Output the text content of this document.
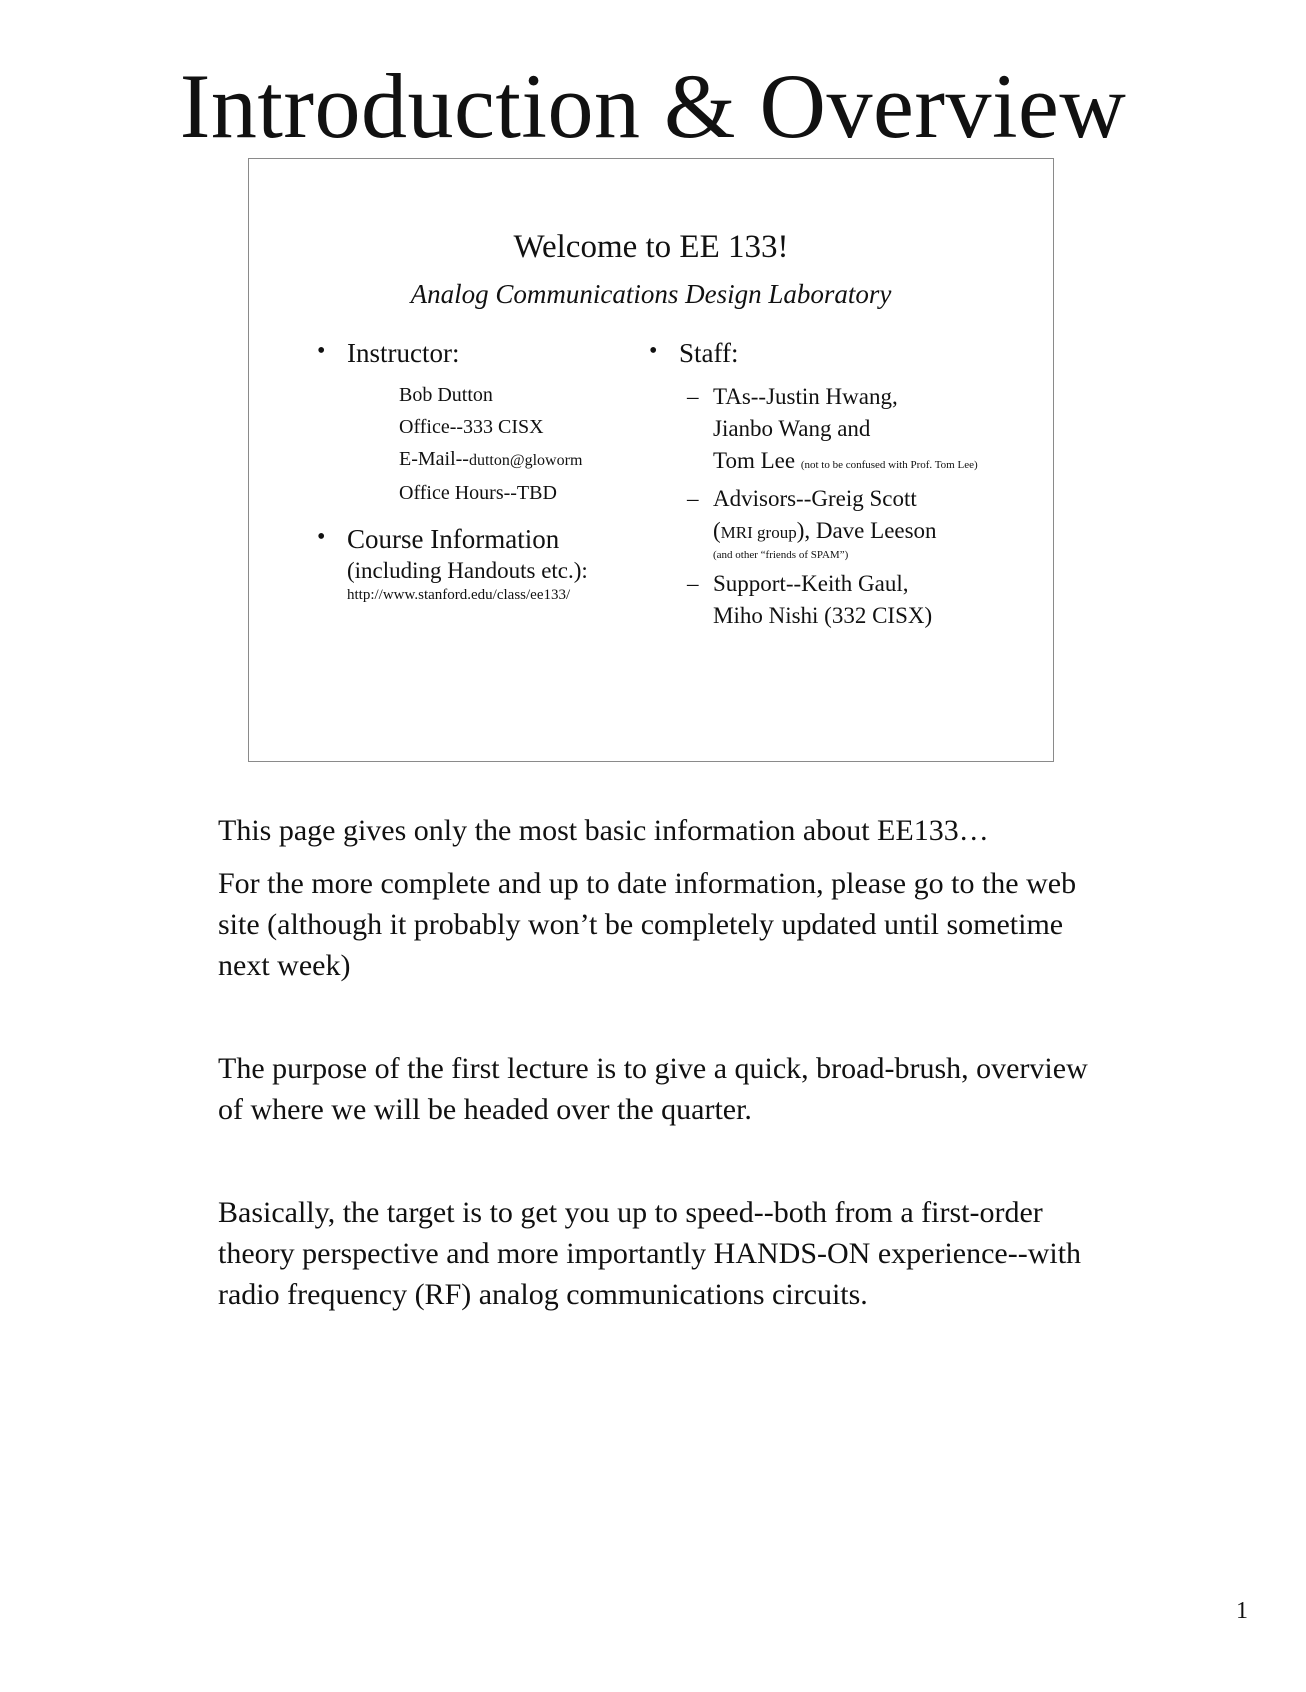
Introduction & Overview
Welcome to EE 133!
Analog Communications Design Laboratory
• Instructor:
Bob Dutton
Office--333 CISX
E-Mail--dutton@gloworm
Office Hours--TBD
• Course Information
(including Handouts etc.):
http://www.stanford.edu/class/ee133/
• Staff:
– TAs--Justin Hwang,
Jianbo Wang and
Tom Lee (not to be confused with Prof. Tom Lee)
– Advisors--Greig Scott
(MRI group), Dave Leeson
(and other “friends of SPAM”)
– Support--Keith Gaul,
Miho Nishi (332 CISX)

This page gives only the most basic information about EE133…

For the more complete and up to date information, please go to the web site (although it probably won’t be completely updated until sometime next week)

The purpose of the first lecture is to give a quick, broad-brush, overview of where we will be headed over the quarter.

Basically, the target is to get you up to speed--both from a first-order theory perspective and more importantly HANDS-ON experience--with radio frequency (RF) analog communications circuits.

1
